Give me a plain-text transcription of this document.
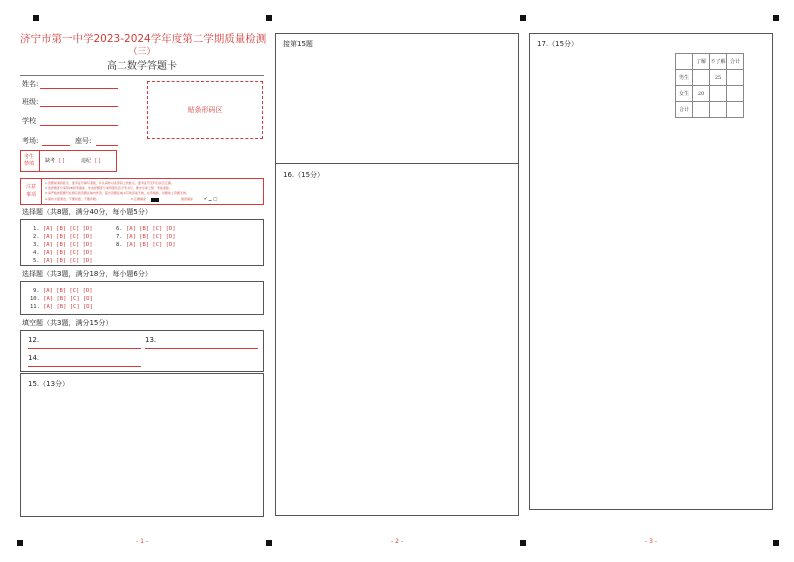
济宁市第一中学2023-2024学年度第二学期质量检测
（三）
高二数学答题卡
姓名:
班级:
学校
考场:	座号:
贴条形码区
考生
禁填 缺考 [ ]	违纪 [ ]
注意
事项
1.答题前请将姓名、准考证号填写清楚，并认真核对条形码上的姓名、准考证号及科目是否正确。
2.选择题部分请用2B铅笔填涂，非选择题部分请用黑色签字笔书写，要求字体工整、笔迹清楚。
3.请严格按照题号在相应的答题区域内作答，超出答题区域书写的答案无效，在草稿纸、试题卷上答题无效。
4.保持卡面清洁，不要折叠，不要弄破。	5.正确填涂	错误填涂	✔ ▁ ◯
选择题（共8题，满分40分，每小题5分）
1. [A] [B] [C] [D]
2. [A] [B] [C] [D]
3. [A] [B] [C] [D]
4. [A] [B] [C] [D]
5. [A] [B] [C] [D]
6. [A] [B] [C] [D]
7. [A] [B] [C] [D]
8. [A] [B] [C] [D]
选择题（共3题，满分18分，每小题6分）
9. [A] [B] [C] [D]
10. [A] [B] [C] [D]
11. [A] [B] [C] [D]
填空题（共3题，满分15分）
12.	13.
14.
15.（13分）
- 1 -
接第15题
16.（15分）
- 2 -
17.（15分）
	了解	不了解	合计
男生		25	
女生	20		
合计			
- 3 -
